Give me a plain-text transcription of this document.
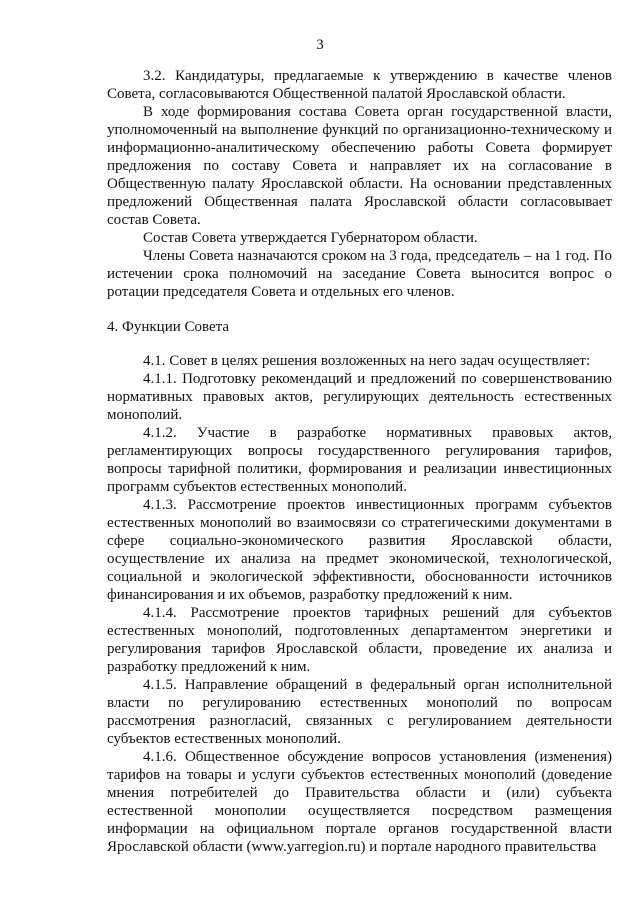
3

3.2. Кандидатуры, предлагаемые к утверждению в качестве членов Совета, согласовываются Общественной палатой Ярославской области.

В ходе формирования состава Совета орган государственной власти, уполномоченный на выполнение функций по организационно-техническому и информационно-аналитическому обеспечению работы Совета формирует предложения по составу Совета и направляет их на согласование в Общественную палату Ярославской области. На основании представленных предложений Общественная палата Ярославской области согласовывает состав Совета.

Состав Совета утверждается Губернатором области.

Члены Совета назначаются сроком на 3 года, председатель – на 1 год. По истечении срока полномочий на заседание Совета выносится вопрос о ротации председателя Совета и отдельных его членов.

4. Функции Совета

4.1. Совет в целях решения возложенных на него задач осуществляет:

4.1.1. Подготовку рекомендаций и предложений по совершенствованию нормативных правовых актов, регулирующих деятельность естественных монополий.

4.1.2. Участие в разработке нормативных правовых актов, регламентирующих вопросы государственного регулирования тарифов, вопросы тарифной политики, формирования и реализации инвестиционных программ субъектов естественных монополий.

4.1.3. Рассмотрение проектов инвестиционных программ субъектов естественных монополий во взаимосвязи со стратегическими документами в сфере социально-экономического развития Ярославской области, осуществление их анализа на предмет экономической, технологической, социальной и экологической эффективности, обоснованности источников финансирования и их объемов, разработку предложений к ним.

4.1.4. Рассмотрение проектов тарифных решений для субъектов естественных монополий, подготовленных департаментом энергетики и регулирования тарифов Ярославской области, проведение их анализа и разработку предложений к ним.

4.1.5. Направление обращений в федеральный орган исполнительной власти по регулированию естественных монополий по вопросам рассмотрения разногласий, связанных с регулированием деятельности субъектов естественных монополий.

4.1.6. Общественное обсуждение вопросов установления (изменения) тарифов на товары и услуги субъектов естественных монополий (доведение мнения потребителей до Правительства области и (или) субъекта естественной монополии осуществляется посредством размещения информации на официальном портале органов государственной власти Ярославской области (www.yarregion.ru) и портале народного правительства
